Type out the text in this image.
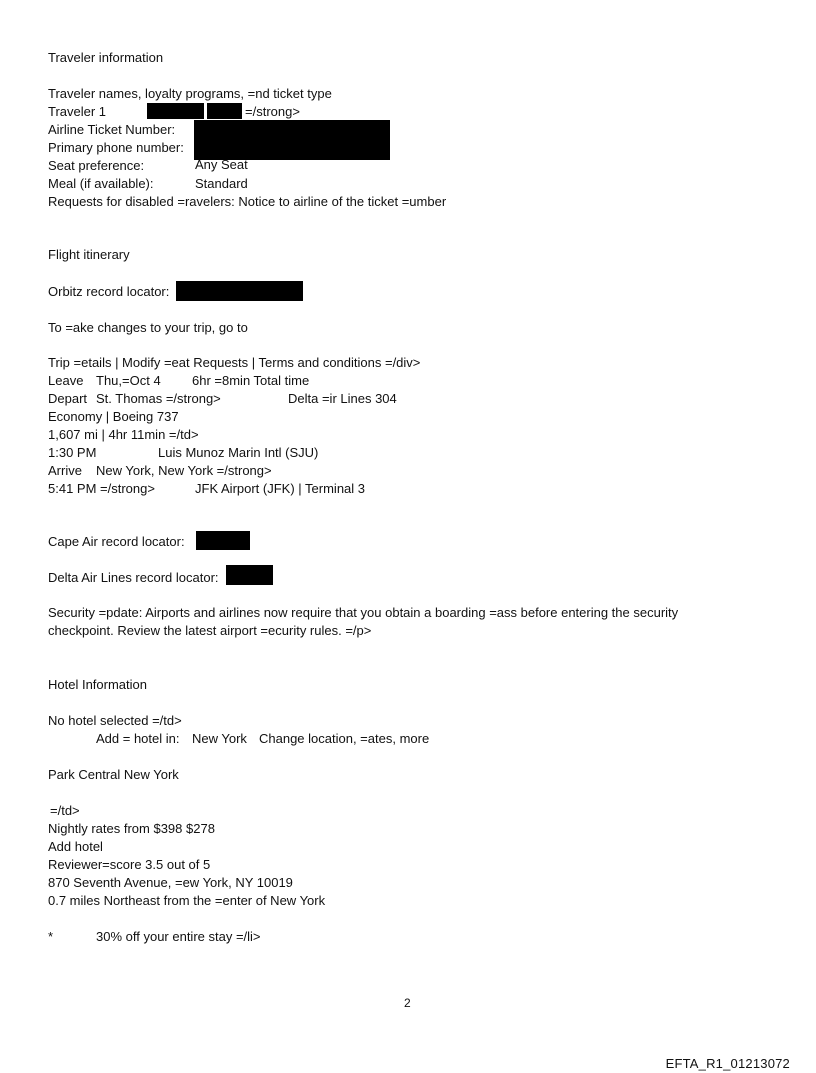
Traveler information
Traveler names, loyalty programs, =nd ticket type
Traveler 1	=/strong>
Airline Ticket Number:
Primary phone number:
Seat preference:	Any Seat
Meal (if available):	Standard
Requests for disabled =ravelers: Notice to airline of the ticket =umber
Flight itinerary
Orbitz record locator:
To =ake changes to your trip, go to
Trip =etails | Modify =eat Requests | Terms and conditions =/div>
Leave Thu,=Oct 4 6hr =8min Total time
Depart St. Thomas =/strong>	Delta =ir Lines 304
Economy | Boeing 737
1,607 mi | 4hr 11min =/td>
1:30 PM	Luis Munoz Marin Intl (SJU)
Arrive New York, New York =/strong>
5:41 PM =/strong>	JFK Airport (JFK) | Terminal 3
Cape Air record locator:
Delta Air Lines record locator:
Security =pdate: Airports and airlines now require that you obtain a boarding =ass before entering the security
checkpoint. Review the latest airport =ecurity rules. =/p>
Hotel Information
No hotel selected =/td>
Add = hotel in: New York Change location, =ates, more
Park Central New York
=/td>
Nightly rates from $398 $278
Add hotel
Reviewer=score 3.5 out of 5
870 Seventh Avenue, =ew York, NY 10019
0.7 miles Northeast from the =enter of New York
*	30% off your entire stay =/li>
2
EFTA_R1_01213072
